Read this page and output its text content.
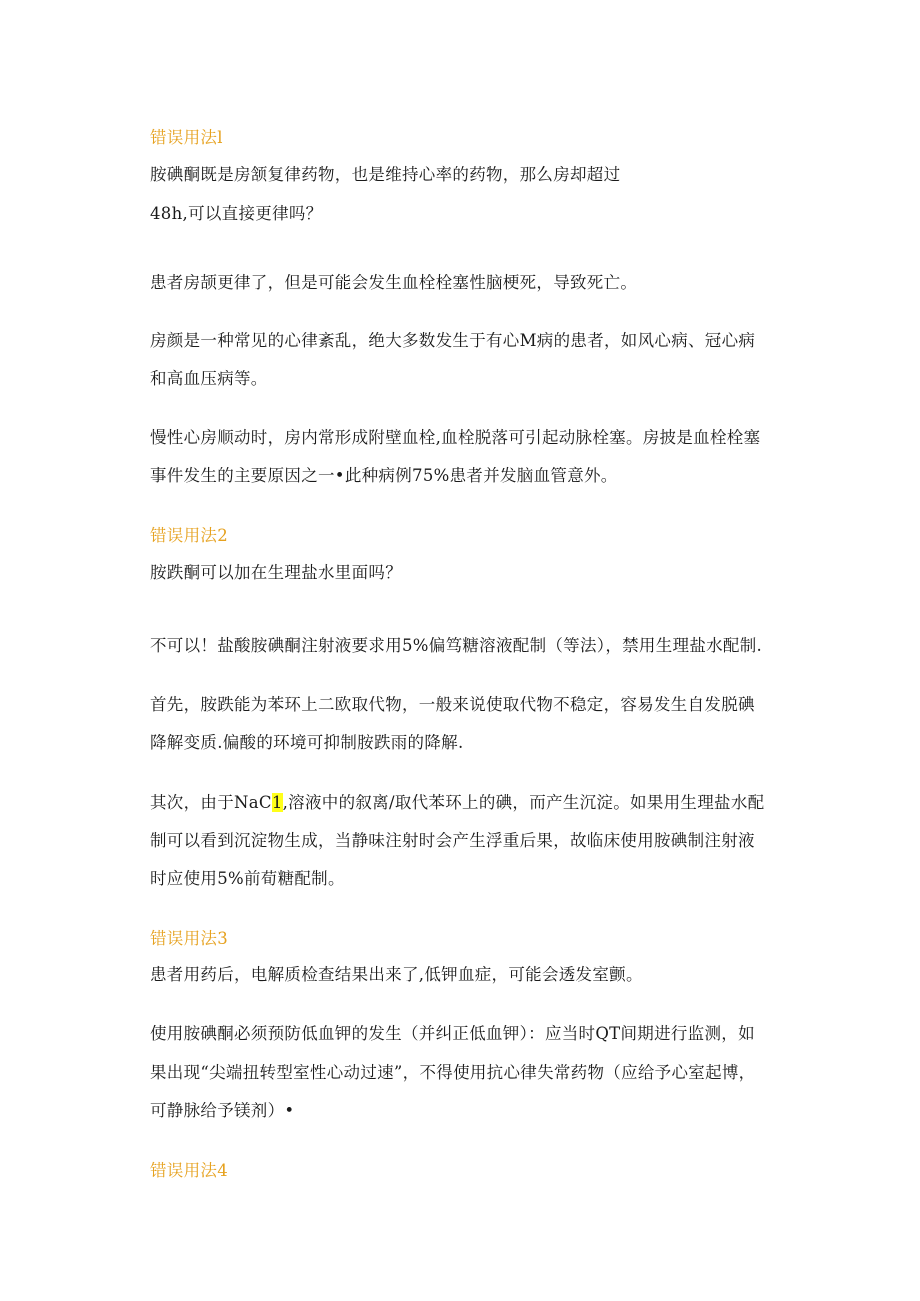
错误用法l
胺碘酮既是房颔复律药物，也是维持心率的药物，那么房却超过
48h,可以直接更律吗？
患者房颉更律了，但是可能会发生血栓栓塞性脑梗死，导致死亡。
房颜是一种常见的心律紊乱，绝大多数发生于有心M病的患者，如风心病、冠心病
和高血压病等。
慢性心房顺动时，房内常形成附壁血栓,血栓脱落可引起动脉栓塞。房披是血栓栓塞
事件发生的主要原因之一•此种病例75%患者并发脑血管意外。
错误用法2
胺跌酮可以加在生理盐水里面吗？
不可以！盐酸胺碘酮注射液要求用5%偏笃糖溶液配制（等法），禁用生理盐水配制.
首先，胺跌能为苯环上二欧取代物，一般来说使取代物不稳定，容易发生自发脱碘
降解变质.偏酸的环境可抑制胺跌雨的降解.
其次，由于NaC1,溶液中的叙离/取代苯环上的碘，而产生沉淀。如果用生理盐水配
制可以看到沉淀物生成，当静味注射时会产生浮重后果，故临床使用胺碘制注射液
时应使用5%前荀糖配制。
错误用法3
患者用药后，电解质检查结果出来了,低钾血症，可能会透发室颤。
使用胺碘酮必须预防低血钾的发生（并纠正低血钾）：应当时QT间期进行监测，如
果出现“尖端扭转型室性心动过速”，不得使用抗心律失常药物（应给予心室起博，
可静脉给予镁剂）•
错误用法4
